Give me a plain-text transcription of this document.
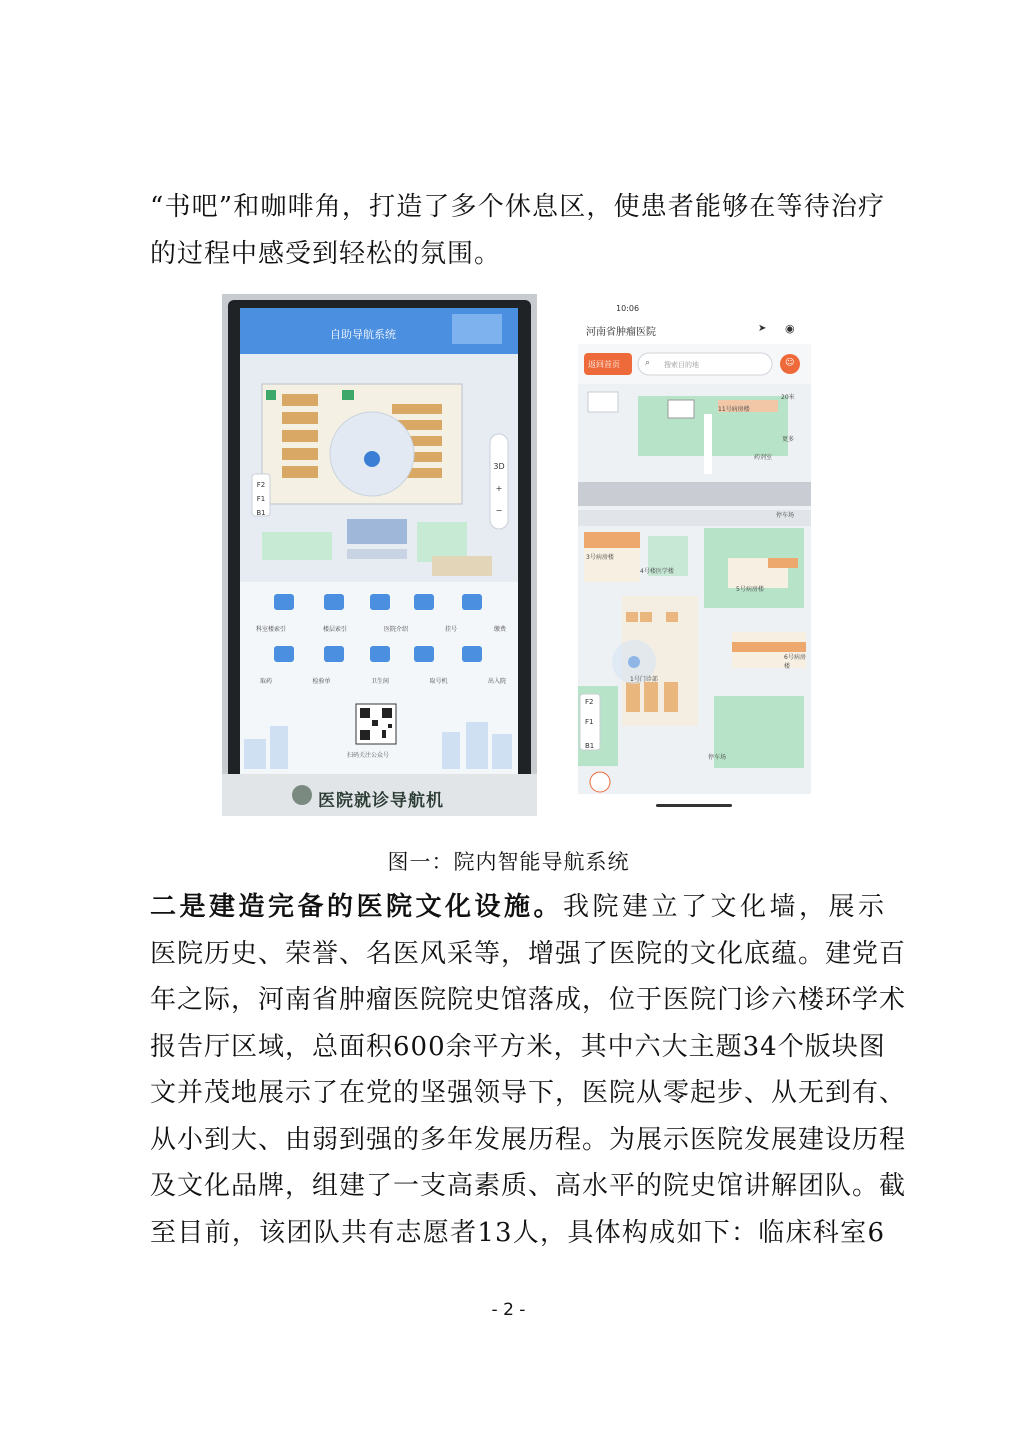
“书吧”和咖啡角，打造了多个休息区，使患者能够在等待治疗
的过程中感受到轻松的氛围。
自助导航系统
F2
F1
B1
3D
+
−
科室楼索引	楼层索引	医院介绍	挂号	缴费
取药	检验单	卫生间	取号机	出入院
扫码关注公众号
医院就诊导航机
10:06
河南省肿瘤医院	➤ ◉
返回首页	⌕ 搜索目的地	☺
11号病房楼
20米
更多
药剂室
停车场
3号病房楼
4号楼医学楼
5号病房楼
6号病房楼
1号门诊部
F2
F1
B1
停车场
图一：院内智能导航系统
二是建造完备的医院文化设施。我院建立了文化墙，展示
医院历史、荣誉、名医风采等，增强了医院的文化底蕴。建党百
年之际，河南省肿瘤医院院史馆落成，位于医院门诊六楼环学术
报告厅区域，总面积600余平方米，其中六大主题34个版块图
文并茂地展示了在党的坚强领导下，医院从零起步、从无到有、
从小到大、由弱到强的多年发展历程。为展示医院发展建设历程
及文化品牌，组建了一支高素质、高水平的院史馆讲解团队。截
至目前，该团队共有志愿者13人，具体构成如下：临床科室6
- 2 -
